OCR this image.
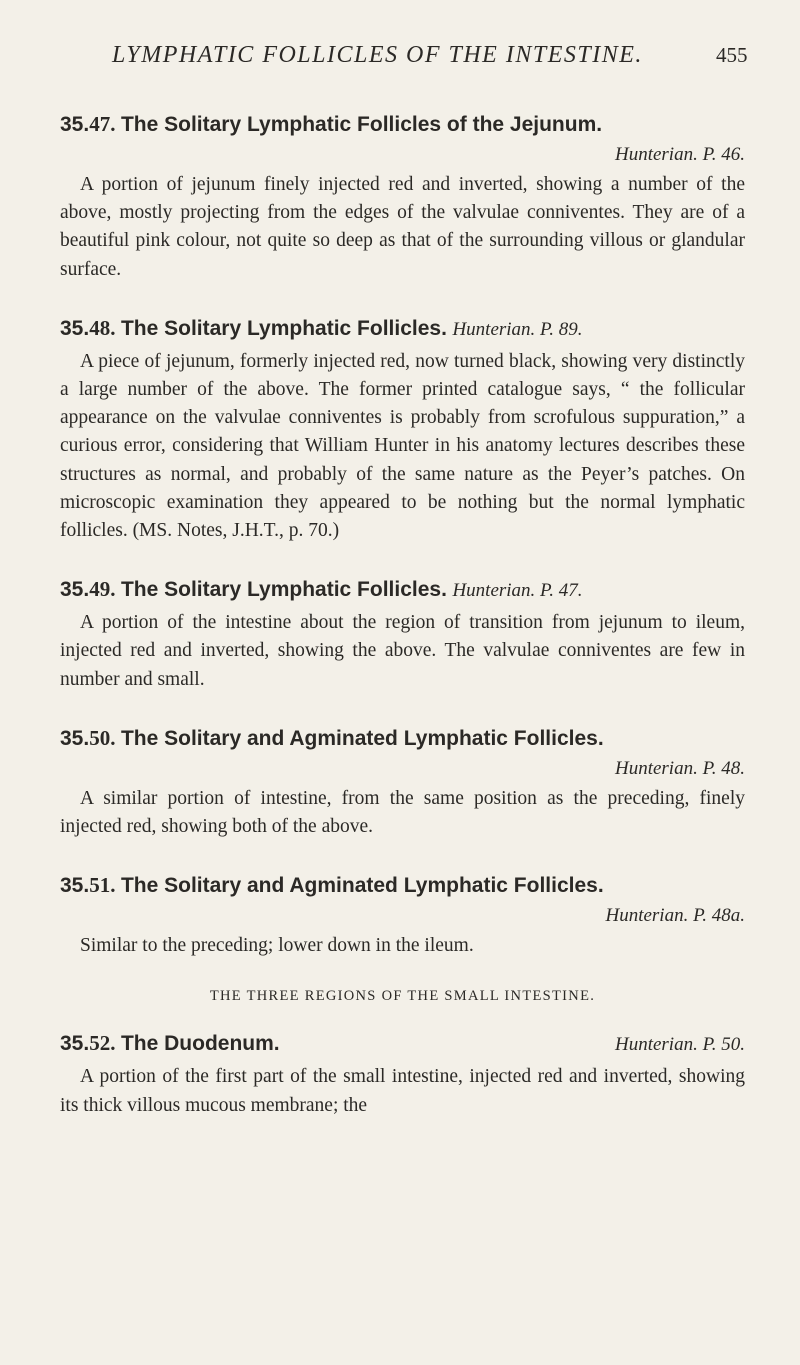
LYMPHATIC FOLLICLES OF THE INTESTINE.	455

35.47. The Solitary Lymphatic Follicles of the Jejunum.

Hunterian. P. 46.

A portion of jejunum finely injected red and inverted, showing a number of the above, mostly projecting from the edges of the valvulae conniventes. They are of a beautiful pink colour, not quite so deep as that of the surrounding villous or glandular surface.

35.48. The Solitary Lymphatic Follicles. Hunterian. P. 89.

A piece of jejunum, formerly injected red, now turned black, showing very distinctly a large number of the above. The former printed catalogue says, “ the follicular appearance on the valvulae conniventes is probably from scrofulous suppuration,” a curious error, considering that William Hunter in his anatomy lectures describes these structures as normal, and probably of the same nature as the Peyer’s patches. On microscopic examination they appeared to be nothing but the normal lymphatic follicles. (MS. Notes, J.H.T., p. 70.)

35.49. The Solitary Lymphatic Follicles. Hunterian. P. 47.

A portion of the intestine about the region of transition from jejunum to ileum, injected red and inverted, showing the above. The valvulae conniventes are few in number and small.

35.50. The Solitary and Agminated Lymphatic Follicles.

Hunterian. P. 48.

A similar portion of intestine, from the same position as the preceding, finely injected red, showing both of the above.

35.51. The Solitary and Agminated Lymphatic Follicles.

Hunterian. P. 48a.

Similar to the preceding; lower down in the ileum.

THE THREE REGIONS OF THE SMALL INTESTINE.

35.52. The Duodenum.	Hunterian. P. 50.

A portion of the first part of the small intestine, injected red and inverted, showing its thick villous mucous membrane; the
